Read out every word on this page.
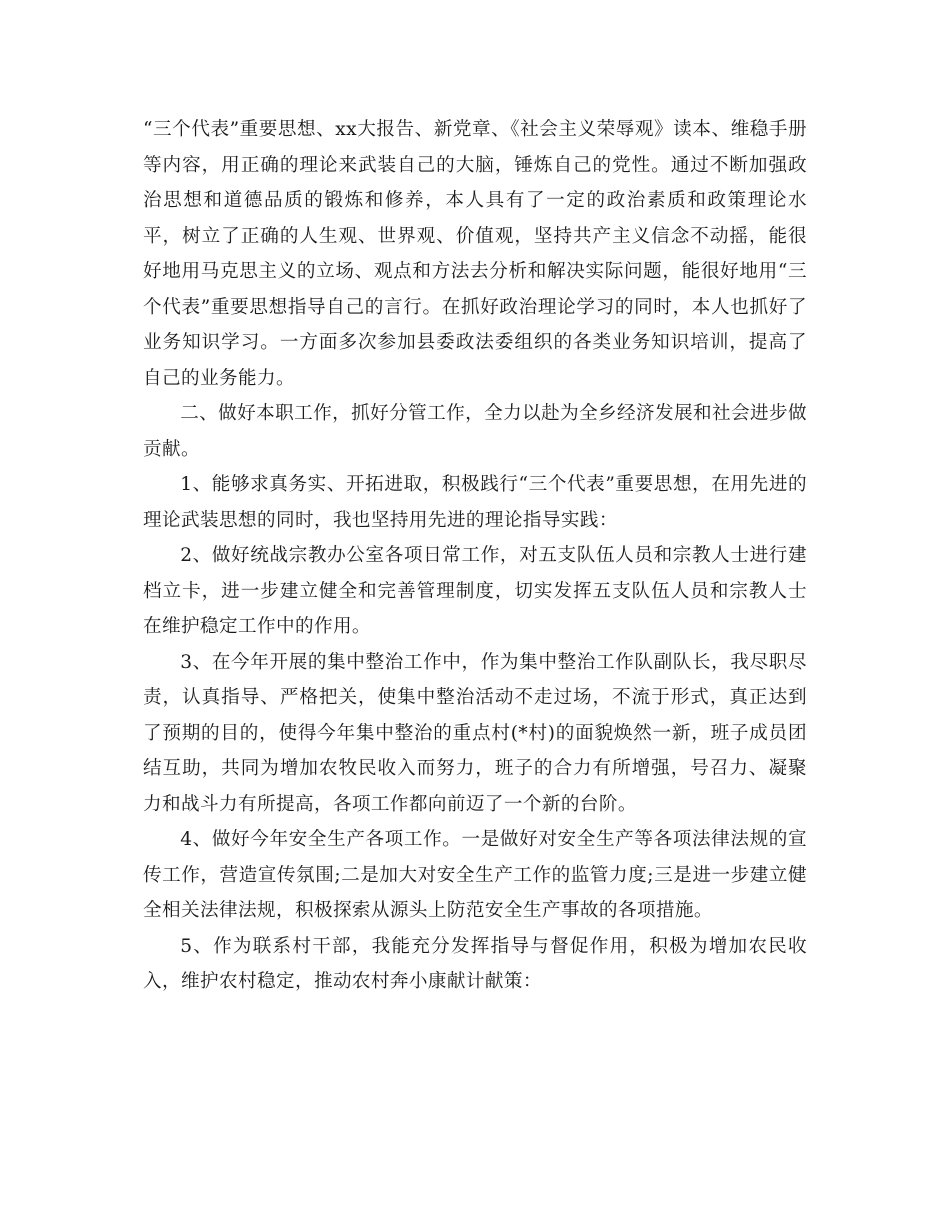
“三个代表”重要思想、xx大报告、新党章、《社会主义荣辱观》读本、维稳手册等内容，用正确的理论来武装自己的大脑，锤炼自己的党性。通过不断加强政治思想和道德品质的锻炼和修养，本人具有了一定的政治素质和政策理论水平，树立了正确的人生观、世界观、价值观，坚持共产主义信念不动摇，能很好地用马克思主义的立场、观点和方法去分析和解决实际问题，能很好地用“三个代表”重要思想指导自己的言行。在抓好政治理论学习的同时，本人也抓好了业务知识学习。一方面多次参加县委政法委组织的各类业务知识培训，提高了自己的业务能力。

二、做好本职工作，抓好分管工作，全力以赴为全乡经济发展和社会进步做贡献。

1、能够求真务实、开拓进取，积极践行“三个代表”重要思想，在用先进的理论武装思想的同时，我也坚持用先进的理论指导实践：

2、做好统战宗教办公室各项日常工作，对五支队伍人员和宗教人士进行建档立卡，进一步建立健全和完善管理制度，切实发挥五支队伍人员和宗教人士在维护稳定工作中的作用。

3、在今年开展的集中整治工作中，作为集中整治工作队副队长，我尽职尽责，认真指导、严格把关，使集中整治活动不走过场，不流于形式，真正达到了预期的目的，使得今年集中整治的重点村(*村)的面貌焕然一新，班子成员团结互助，共同为增加农牧民收入而努力，班子的合力有所增强，号召力、凝聚力和战斗力有所提高，各项工作都向前迈了一个新的台阶。

4、做好今年安全生产各项工作。一是做好对安全生产等各项法律法规的宣传工作，营造宣传氛围;二是加大对安全生产工作的监管力度;三是进一步建立健全相关法律法规，积极探索从源头上防范安全生产事故的各项措施。

5、作为联系村干部，我能充分发挥指导与督促作用，积极为增加农民收入，维护农村稳定，推动农村奔小康献计献策：
